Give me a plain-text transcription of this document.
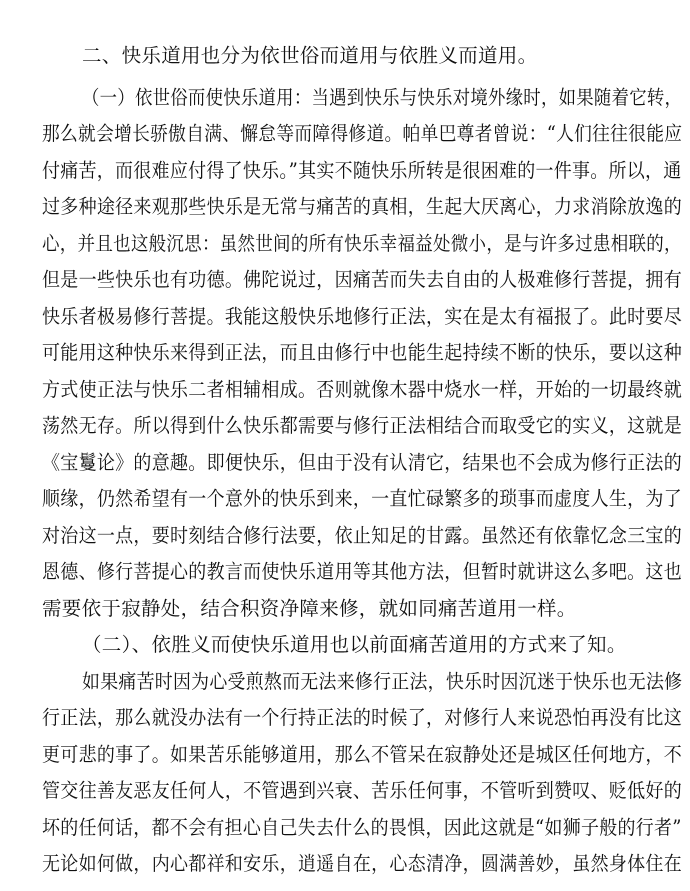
二、快乐道用也分为依世俗而道用与依胜义而道用。

（一）依世俗而使快乐道用：当遇到快乐与快乐对境外缘时，如果随着它转，

那么就会增长骄傲自满、懈怠等而障得修道。帕单巴尊者曾说：“人们往往很能应

付痛苦，而很难应付得了快乐。”其实不随快乐所转是很困难的一件事。所以，通

过多种途径来观那些快乐是无常与痛苦的真相，生起大厌离心，力求消除放逸的

心，并且也这般沉思：虽然世间的所有快乐幸福益处微小，是与许多过患相联的，

但是一些快乐也有功德。佛陀说过，因痛苦而失去自由的人极难修行菩提，拥有

快乐者极易修行菩提。我能这般快乐地修行正法，实在是太有福报了。此时要尽

可能用这种快乐来得到正法，而且由修行中也能生起持续不断的快乐，要以这种

方式使正法与快乐二者相辅相成。否则就像木器中烧水一样，开始的一切最终就

荡然无存。所以得到什么快乐都需要与修行正法相结合而取受它的实义，这就是

《宝鬘论》的意趣。即便快乐，但由于没有认清它，结果也不会成为修行正法的

顺缘，仍然希望有一个意外的快乐到来，一直忙碌繁多的琐事而虚度人生，为了

对治这一点，要时刻结合修行法要，依止知足的甘露。虽然还有依靠忆念三宝的

恩德、修行菩提心的教言而使快乐道用等其他方法，但暂时就讲这么多吧。这也

需要依于寂静处，结合积资净障来修，就如同痛苦道用一样。

（二）、依胜义而使快乐道用也以前面痛苦道用的方式来了知。

如果痛苦时因为心受煎熬而无法来修行正法，快乐时因沉迷于快乐也无法修

行正法，那么就没办法有一个行持正法的时候了，对修行人来说恐怕再没有比这

更可悲的事了。如果苦乐能够道用，那么不管呆在寂静处还是城区任何地方，不

管交往善友恶友任何人，不管遇到兴衰、苦乐任何事，不管听到赞叹、贬低好的

坏的任何话，都不会有担心自己失去什么的畏惧，因此这就是“如狮子般的行者”

无论如何做，内心都祥和安乐，逍遥自在，心态清净，圆满善妙，虽然身体住在
